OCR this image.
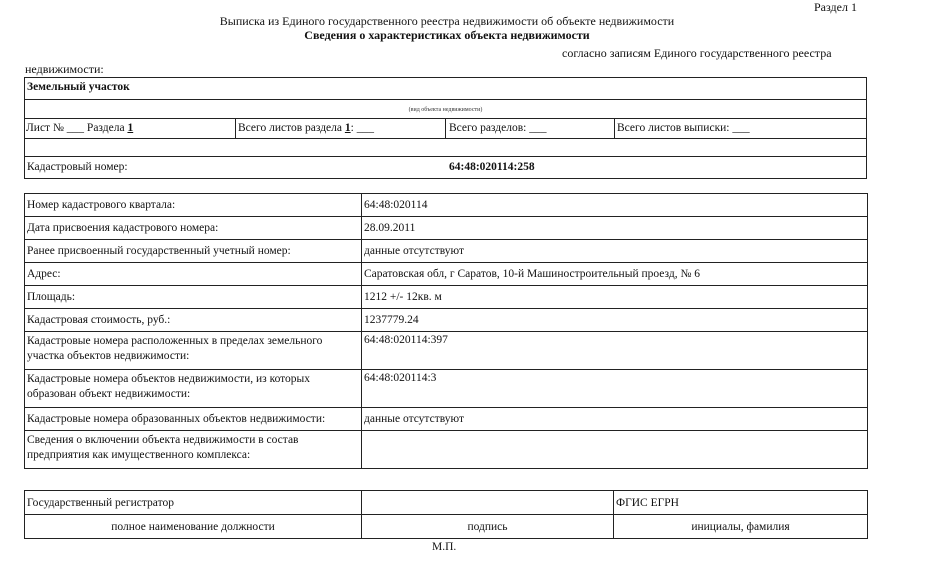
Раздел 1
Выписка из Единого государственного реестра недвижимости об объекте недвижимости
Сведения о характеристиках объекта недвижимости
согласно записям Единого государственного реестра
недвижимости:
Земельный участок
(вид объекта недвижимости)
Лист № ___ Раздела 1	Всего листов раздела 1: ___	Всего разделов: ___	Всего листов выписки: ___
Кадастровый номер:	64:48:020114:258
Номер кадастрового квартала:	64:48:020114
Дата присвоения кадастрового номера:	28.09.2011
Ранее присвоенный государственный учетный номер:	данные отсутствуют
Адрес:	Саратовская обл, г Саратов, 10-й Машиностроительный проезд, № 6
Площадь:	1212 +/- 12кв. м
Кадастровая стоимость, руб.:	1237779.24
Кадастровые номера расположенных в пределах земельного участка объектов недвижимости:	64:48:020114:397
Кадастровые номера объектов недвижимости, из которых образован объект недвижимости:	64:48:020114:3
Кадастровые номера образованных объектов недвижимости:	данные отсутствуют
Сведения о включении объекта недвижимости в состав предприятия как имущественного комплекса:	
Государственный регистратор		ФГИС ЕГРН
полное наименование должности	подпись	инициалы, фамилия
М.П.
